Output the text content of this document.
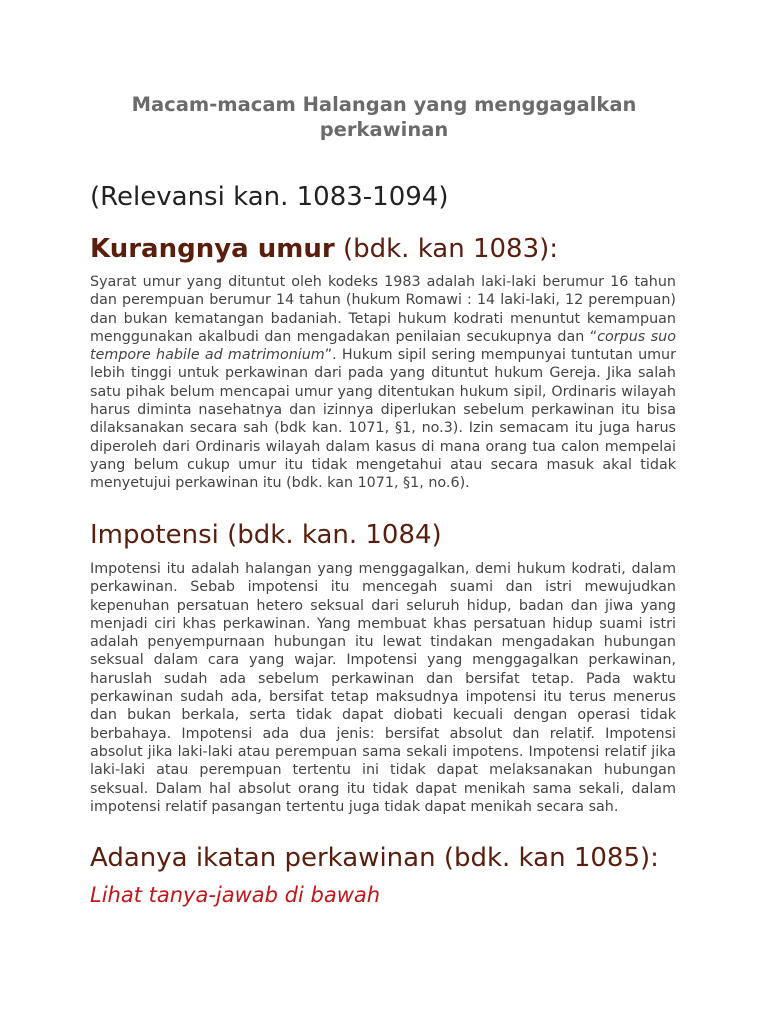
Macam-macam Halangan yang menggagalkan perkawinan
(Relevansi kan. 1083-1094)
Kurangnya umur (bdk. kan 1083):
Syarat umur yang dituntut oleh kodeks 1983 adalah laki-laki berumur 16 tahun dan perempuan berumur 14 tahun (hukum Romawi : 14 laki-laki, 12 perempuan) dan bukan kematangan badaniah. Tetapi hukum kodrati menuntut kemampuan menggunakan akalbudi dan mengadakan penilaian secukupnya dan “corpus suo tempore habile ad matrimonium”. Hukum sipil sering mempunyai tuntutan umur lebih tinggi untuk perkawinan dari pada yang dituntut hukum Gereja. Jika salah satu pihak belum mencapai umur yang ditentukan hukum sipil, Ordinaris wilayah harus diminta nasehatnya dan izinnya diperlukan sebelum perkawinan itu bisa dilaksanakan secara sah (bdk kan. 1071, §1, no.3). Izin semacam itu juga harus diperoleh dari Ordinaris wilayah dalam kasus di mana orang tua calon mempelai yang belum cukup umur itu tidak mengetahui atau secara masuk akal tidak menyetujui perkawinan itu (bdk. kan 1071, §1, no.6).
Impotensi (bdk. kan. 1084)
Impotensi itu adalah halangan yang menggagalkan, demi hukum kodrati, dalam perkawinan. Sebab impotensi itu mencegah suami dan istri mewujudkan kepenuhan persatuan hetero seksual dari seluruh hidup, badan dan jiwa yang menjadi ciri khas perkawinan. Yang membuat khas persatuan hidup suami istri adalah penyempurnaan hubungan itu lewat tindakan mengadakan hubungan seksual dalam cara yang wajar. Impotensi yang menggagalkan perkawinan, haruslah sudah ada sebelum perkawinan dan bersifat tetap. Pada waktu perkawinan sudah ada, bersifat tetap maksudnya impotensi itu terus menerus dan bukan berkala, serta tidak dapat diobati kecuali dengan operasi tidak berbahaya. Impotensi ada dua jenis: bersifat absolut dan relatif. Impotensi absolut jika laki-laki atau perempuan sama sekali impotens. Impotensi relatif jika laki-laki atau perempuan tertentu ini tidak dapat melaksanakan hubungan seksual. Dalam hal absolut orang itu tidak dapat menikah sama sekali, dalam impotensi relatif pasangan tertentu juga tidak dapat menikah secara sah.
Adanya ikatan perkawinan (bdk. kan 1085):
Lihat tanya-jawab di bawah
